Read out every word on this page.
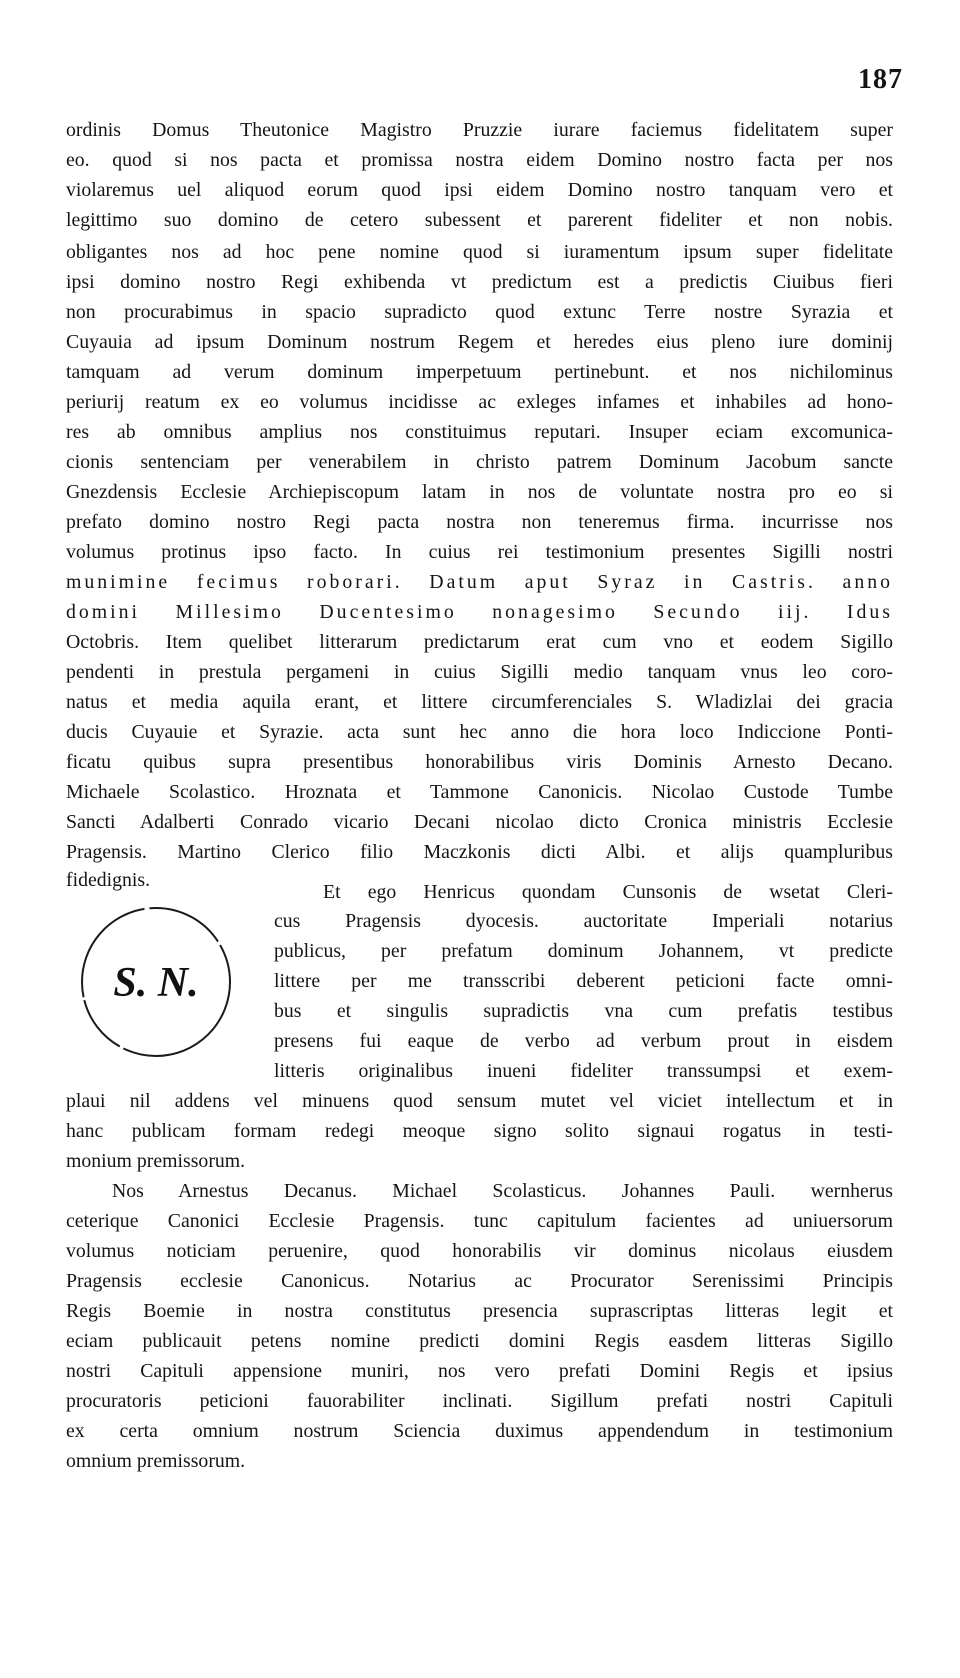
187
ordinis Domus Theutonice Magistro Pruzzie iurare faciemus fidelitatem super
eo. quod si nos pacta et promissa nostra eidem Domino nostro facta per nos
violaremus uel aliquod eorum quod ipsi eidem Domino nostro tanquam vero et
legittimo suo domino de cetero subessent et parerent fideliter et non nobis.
obligantes nos ad hoc pene nomine quod si iuramentum ipsum super fidelitate
ipsi domino nostro Regi exhibenda vt predictum est a predictis Ciuibus fieri
non procurabimus in spacio supradicto quod extunc Terre nostre Syrazia et
Cuyauia ad ipsum Dominum nostrum Regem et heredes eius pleno iure dominij
tamquam ad verum dominum imperpetuum pertinebunt. et nos nichilominus
periurij reatum ex eo volumus incidisse ac exleges infames et inhabiles ad hono-
res ab omnibus amplius nos constituimus reputari. Insuper eciam excomunica-
cionis sentenciam per venerabilem in christo patrem Dominum Jacobum sancte
Gnezdensis Ecclesie Archiepiscopum latam in nos de voluntate nostra pro eo si
prefato domino nostro Regi pacta nostra non teneremus firma. incurrisse nos
volumus protinus ipso facto. In cuius rei testimonium presentes Sigilli nostri
munimine fecimus roborari. Datum aput Syraz in Castris. anno
domini Millesimo Ducentesimo nonagesimo Secundo iij. Idus
Octobris. Item quelibet litterarum predictarum erat cum vno et eodem Sigillo
pendenti in prestula pergameni in cuius Sigilli medio tanquam vnus leo coro-
natus et media aquila erant, et littere circumferenciales S. Wladizlai dei gracia
ducis Cuyauie et Syrazie. acta sunt hec anno die hora loco Indiccione Ponti-
ficatu quibus supra presentibus honorabilibus viris Dominis Arnesto Decano.
Michaele Scolastico. Hroznata et Tammone Canonicis. Nicolao Custode Tumbe
Sancti Adalberti Conrado vicario Decani nicolao dicto Cronica ministris Ecclesie
Pragensis. Martino Clerico filio Maczkonis dicti Albi. et alijs quampluribus
fidedignis.
Et ego Henricus quondam Cunsonis de wsetat Cleri-
cus Pragensis dyocesis. auctoritate Imperiali notarius
publicus, per prefatum dominum Johannem, vt predicte
littere per me transscribi deberent peticioni facte omni-
bus et singulis supradictis vna cum prefatis testibus
presens fui eaque de verbo ad verbum prout in eisdem
litteris originalibus inueni fideliter transsumpsi et exem-
plaui nil addens vel minuens quod sensum mutet vel viciet intellectum et in
hanc publicam formam redegi meoque signo solito signaui rogatus in testi-
monium premissorum.
Nos Arnestus Decanus. Michael Scolasticus. Johannes Pauli. wernherus
ceterique Canonici Ecclesie Pragensis. tunc capitulum facientes ad uniuersorum
volumus noticiam peruenire, quod honorabilis vir dominus nicolaus eiusdem
Pragensis ecclesie Canonicus. Notarius ac Procurator Serenissimi Principis
Regis Boemie in nostra constitutus presencia suprascriptas litteras legit et
eciam publicauit petens nomine predicti domini Regis easdem litteras Sigillo
nostri Capituli appensione muniri, nos vero prefati Domini Regis et ipsius
procuratoris peticioni fauorabiliter inclinati. Sigillum prefati nostri Capituli
ex certa omnium nostrum Sciencia duximus appendendum in testimonium
omnium premissorum.
S. N.
